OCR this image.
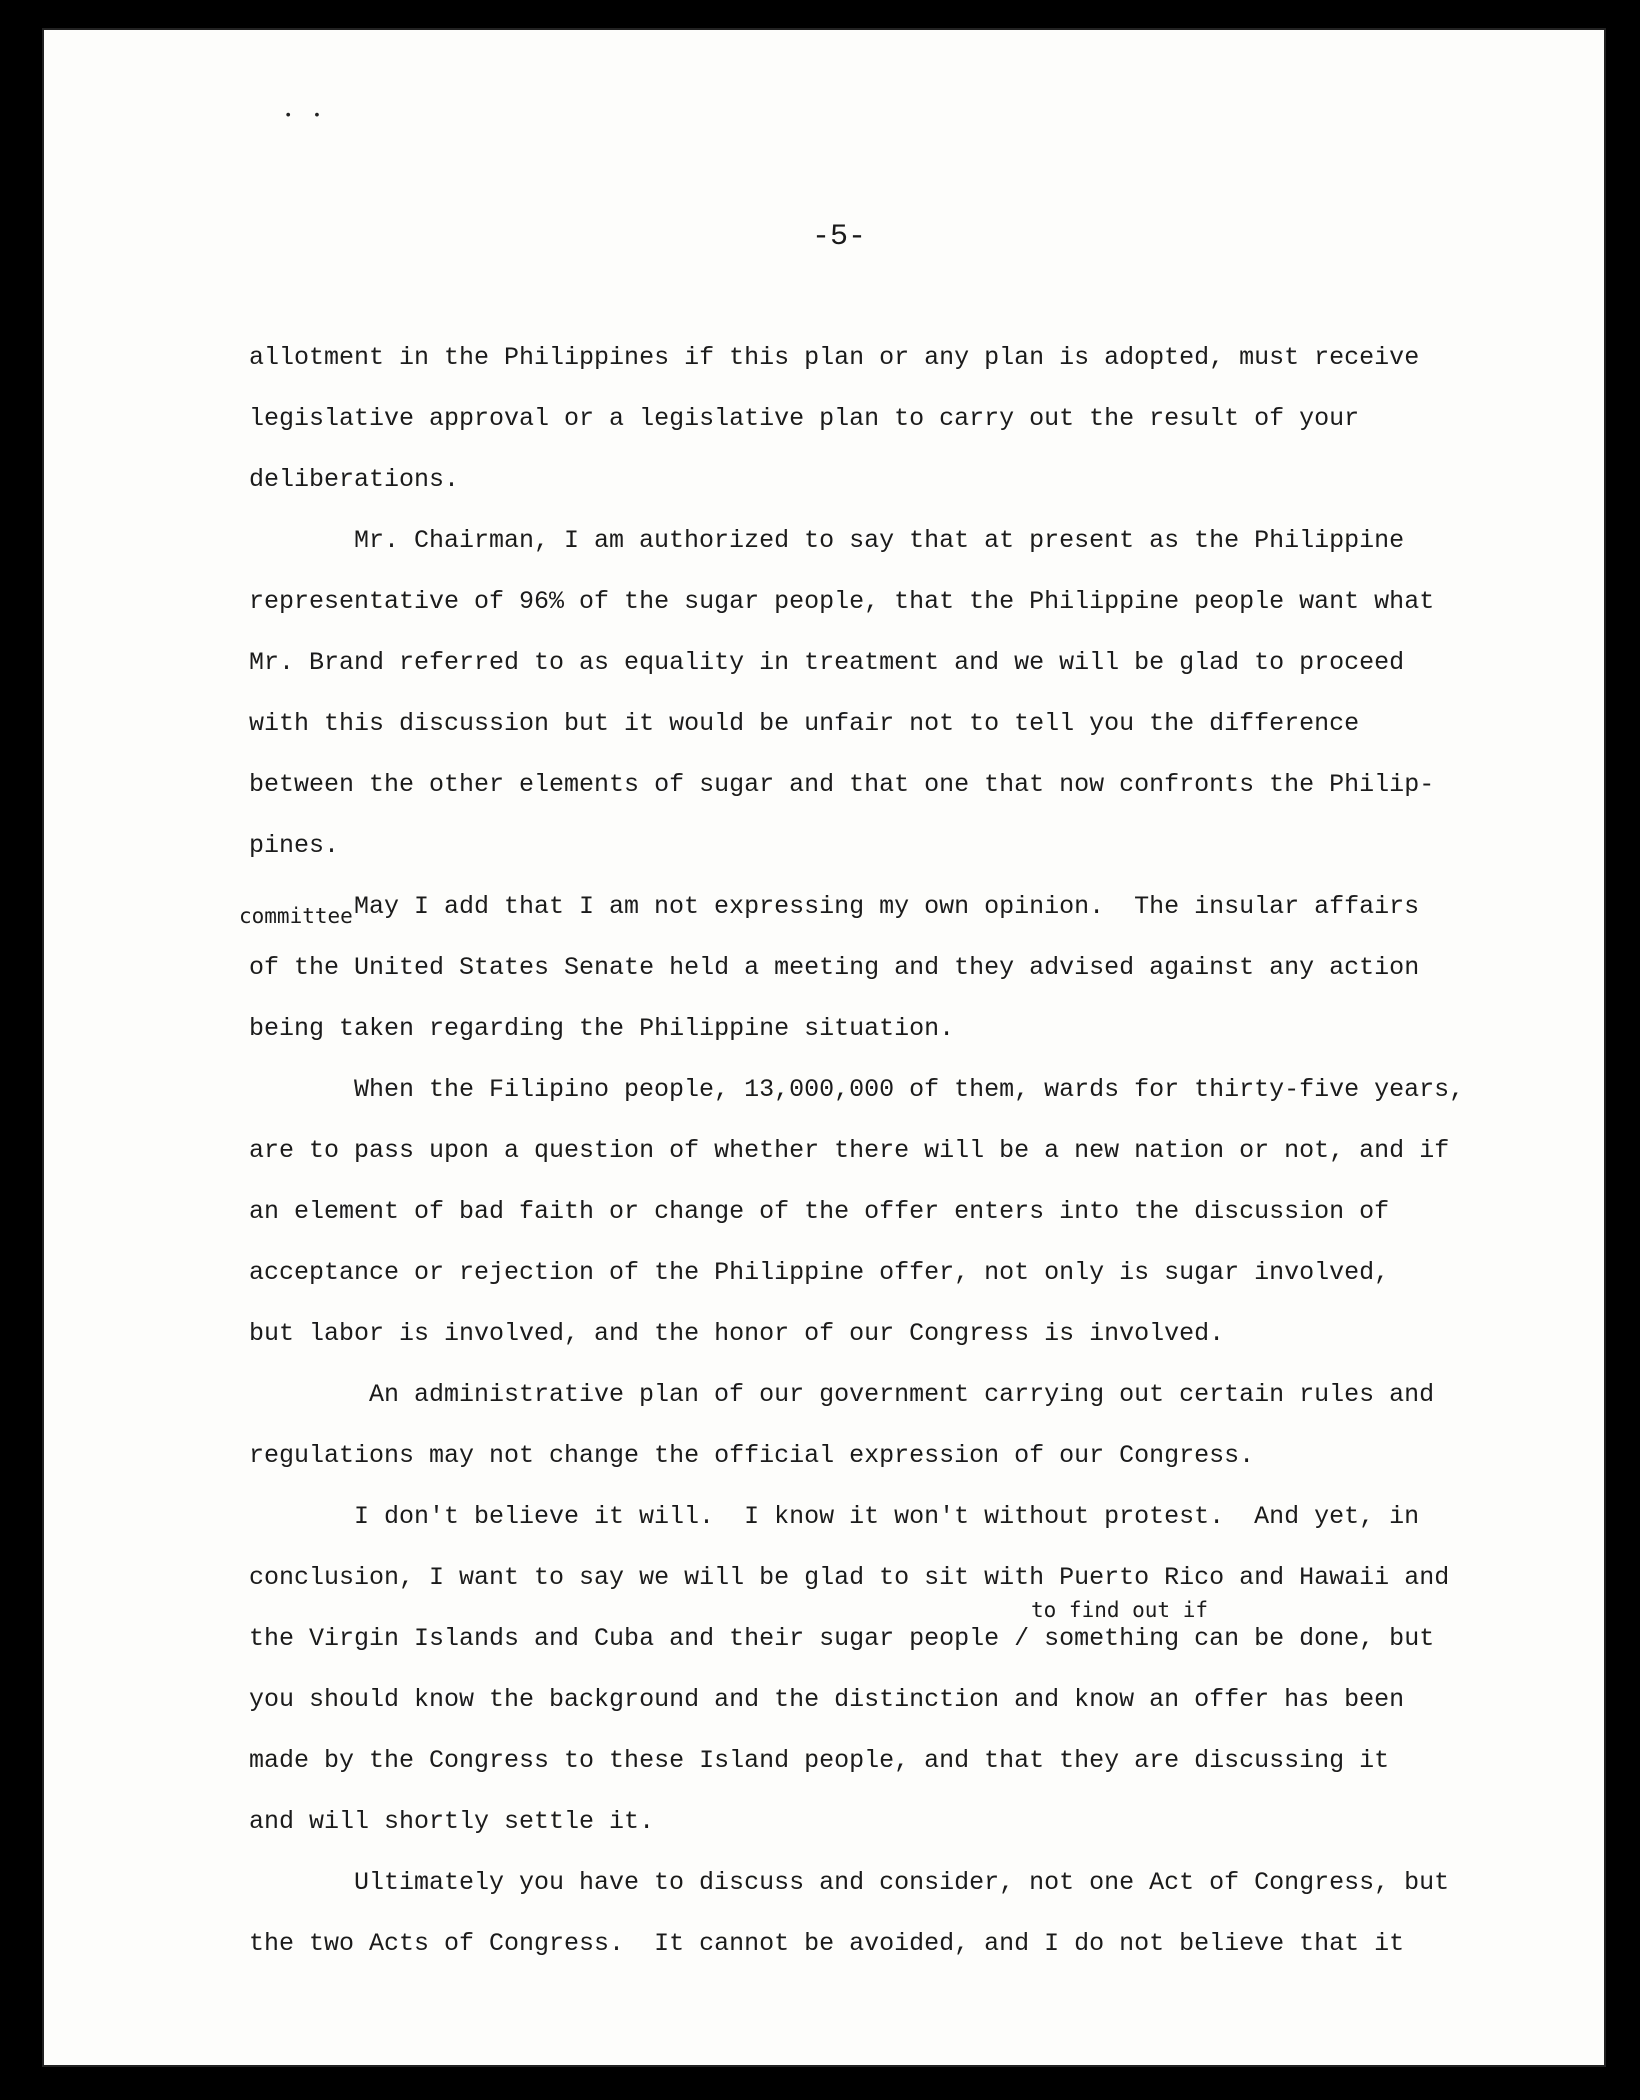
• •
-5-
allotment in the Philippines if this plan or any plan is adopted, must receive
legislative approval or a legislative plan to carry out the result of your
deliberations.
Mr. Chairman, I am authorized to say that at present as the Philippine
representative of 96% of the sugar people, that the Philippine people want what
Mr. Brand referred to as equality in treatment and we will be glad to proceed
with this discussion but it would be unfair not to tell you the difference
between the other elements of sugar and that one that now confronts the Philip-
pines.
May I add that I am not expressing my own opinion.  The insular affairs
of the United States Senate held a meeting and they advised against any action
being taken regarding the Philippine situation.
When the Filipino people, 13,000,000 of them, wards for thirty-five years,
are to pass upon a question of whether there will be a new nation or not, and if
an element of bad faith or change of the offer enters into the discussion of
acceptance or rejection of the Philippine offer, not only is sugar involved,
but labor is involved, and the honor of our Congress is involved.
An administrative plan of our government carrying out certain rules and
regulations may not change the official expression of our Congress.
I don't believe it will.  I know it won't without protest.  And yet, in
conclusion, I want to say we will be glad to sit with Puerto Rico and Hawaii and
the Virgin Islands and Cuba and their sugar people / something can be done, but
you should know the background and the distinction and know an offer has been
made by the Congress to these Island people, and that they are discussing it
and will shortly settle it.
Ultimately you have to discuss and consider, not one Act of Congress, but
the two Acts of Congress.  It cannot be avoided, and I do not believe that it
committee
to find out if
